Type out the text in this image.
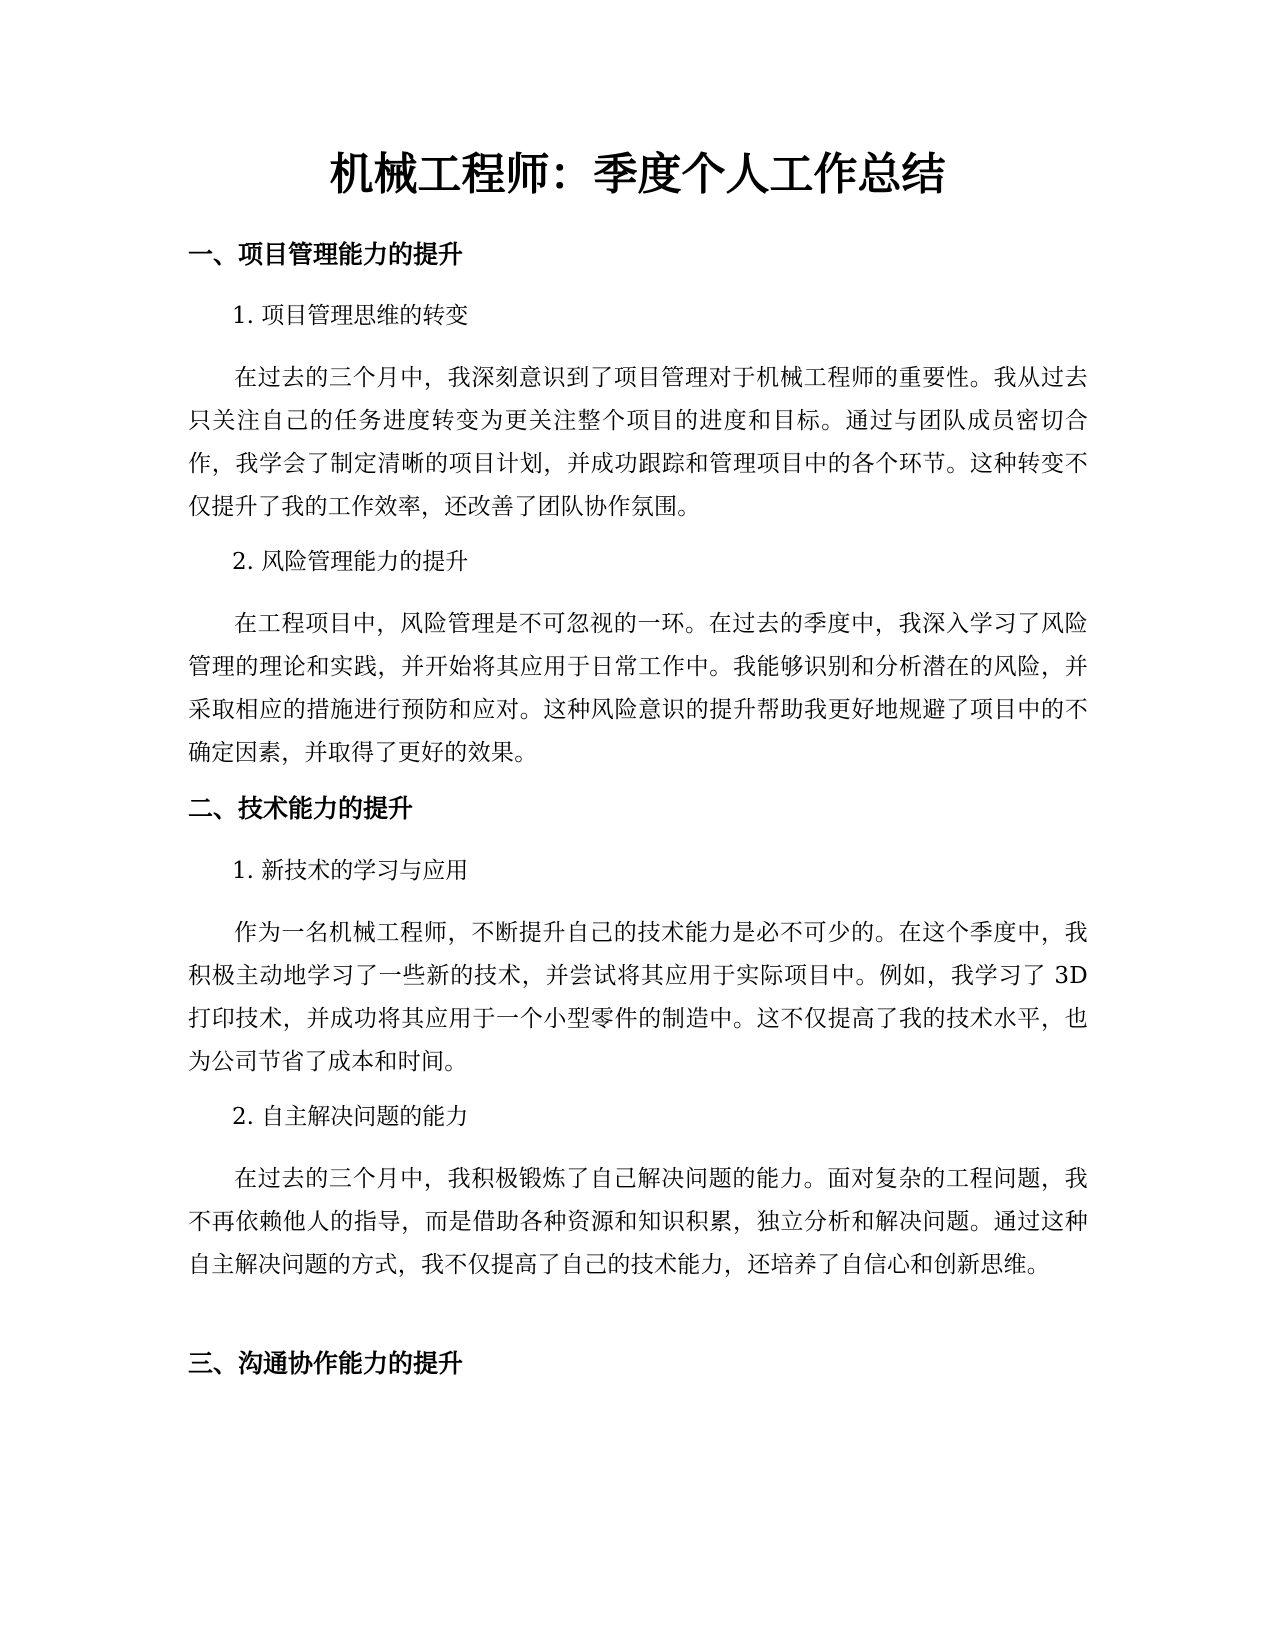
机械工程师：季度个人工作总结
一、项目管理能力的提升

1. 项目管理思维的转变

在过去的三个月中，我深刻意识到了项目管理对于机械工程师的重要性。我从过去只关注自己的任务进度转变为更关注整个项目的进度和目标。通过与团队成员密切合作，我学会了制定清晰的项目计划，并成功跟踪和管理项目中的各个环节。这种转变不仅提升了我的工作效率，还改善了团队协作氛围。

2. 风险管理能力的提升

在工程项目中，风险管理是不可忽视的一环。在过去的季度中，我深入学习了风险管理的理论和实践，并开始将其应用于日常工作中。我能够识别和分析潜在的风险，并采取相应的措施进行预防和应对。这种风险意识的提升帮助我更好地规避了项目中的不确定因素，并取得了更好的效果。

二、技术能力的提升

1. 新技术的学习与应用

作为一名机械工程师，不断提升自己的技术能力是必不可少的。在这个季度中，我积极主动地学习了一些新的技术，并尝试将其应用于实际项目中。例如，我学习了 3D 打印技术，并成功将其应用于一个小型零件的制造中。这不仅提高了我的技术水平，也为公司节省了成本和时间。

2. 自主解决问题的能力

在过去的三个月中，我积极锻炼了自己解决问题的能力。面对复杂的工程问题，我不再依赖他人的指导，而是借助各种资源和知识积累，独立分析和解决问题。通过这种自主解决问题的方式，我不仅提高了自己的技术能力，还培养了自信心和创新思维。

三、沟通协作能力的提升
